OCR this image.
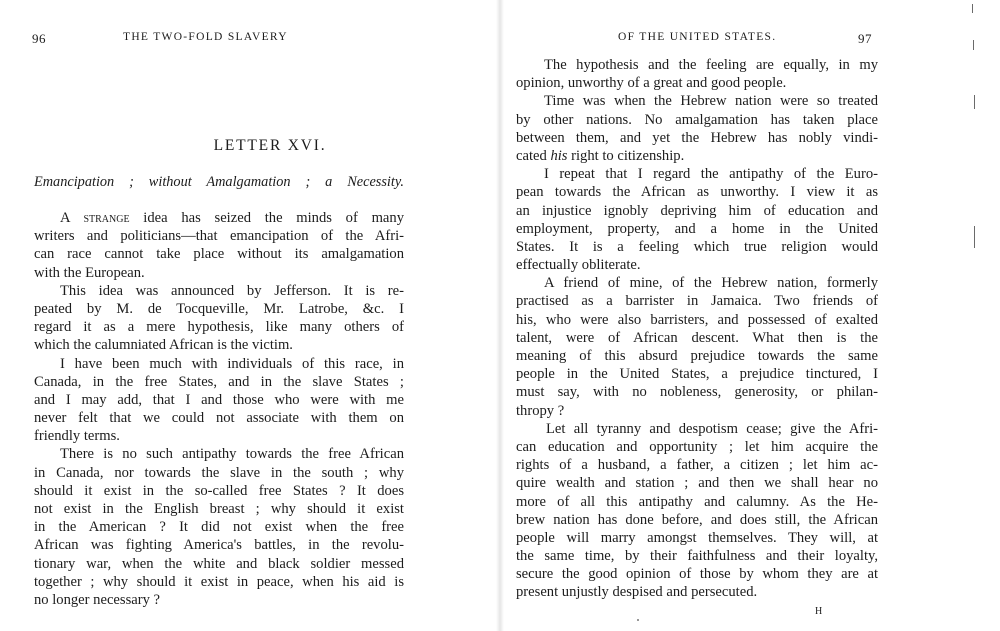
96	THE TWO-FOLD SLAVERY
LETTER XVI.
Emancipation ; without Amalgamation ; a Necessity.
A strange idea has seized the minds of many
writers and politicians—that emancipation of the Afri-
can race cannot take place without its amalgamation
with the European.
This idea was announced by Jefferson. It is re-
peated by M. de Tocqueville, Mr. Latrobe, &c. I
regard it as a mere hypothesis, like many others of
which the calumniated African is the victim.
I have been much with individuals of this race, in
Canada, in the free States, and in the slave States ;
and I may add, that I and those who were with me
never felt that we could not associate with them on
friendly terms.
There is no such antipathy towards the free African
in Canada, nor towards the slave in the south ; why
should it exist in the so-called free States ? It does
not exist in the English breast ; why should it exist
in the American ? It did not exist when the free
African was fighting America's battles, in the revolu-
tionary war, when the white and black soldier messed
together ; why should it exist in peace, when his aid is
no longer necessary ?
OF THE UNITED STATES.	97
The hypothesis and the feeling are equally, in my
opinion, unworthy of a great and good people.
Time was when the Hebrew nation were so treated
by other nations. No amalgamation has taken place
between them, and yet the Hebrew has nobly vindi-
cated his right to citizenship.
I repeat that I regard the antipathy of the Euro-
pean towards the African as unworthy. I view it as
an injustice ignobly depriving him of education and
employment, property, and a home in the United
States. It is a feeling which true religion would
effectually obliterate.
A friend of mine, of the Hebrew nation, formerly
practised as a barrister in Jamaica. Two friends of
his, who were also barristers, and possessed of exalted
talent, were of African descent. What then is the
meaning of this absurd prejudice towards the same
people in the United States, a prejudice tinctured, I
must say, with no nobleness, generosity, or philan-
thropy ?
Let all tyranny and despotism cease; give the Afri-
can education and opportunity ; let him acquire the
rights of a husband, a father, a citizen ; let him ac-
quire wealth and station ; and then we shall hear no
more of all this antipathy and calumny. As the He-
brew nation has done before, and does still, the African
people will marry amongst themselves. They will, at
the same time, by their faithfulness and their loyalty,
secure the good opinion of those by whom they are at
present unjustly despised and persecuted.
H
